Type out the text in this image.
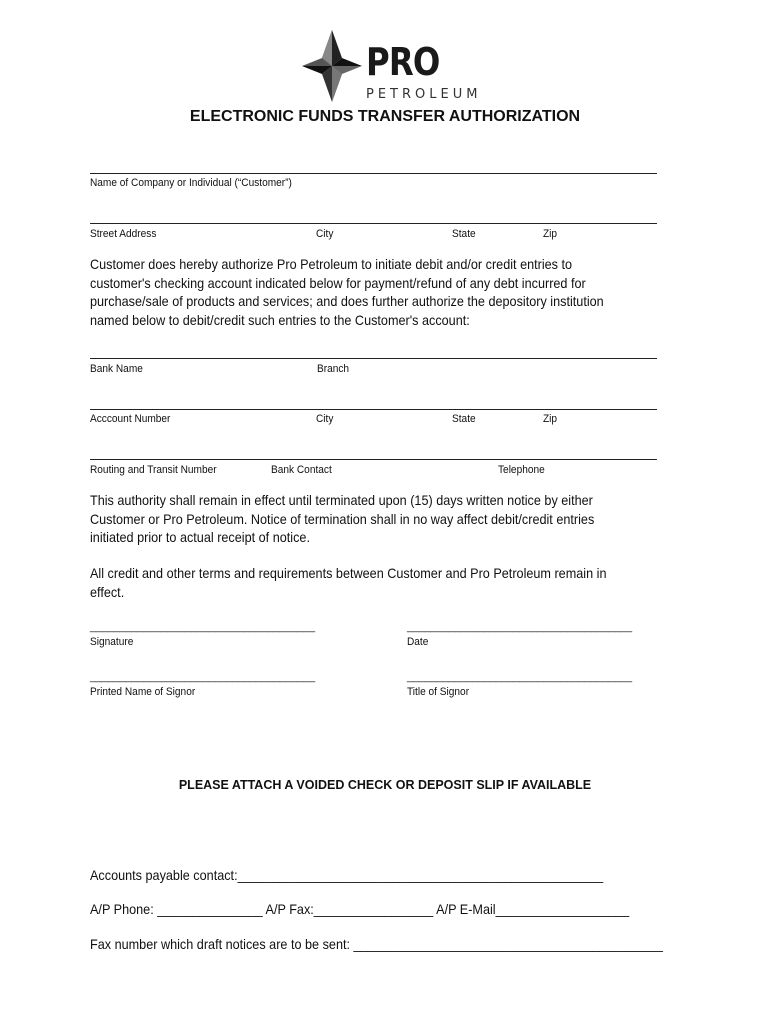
PRO
PETROLEUM
ELECTRONIC FUNDS TRANSFER AUTHORIZATION
Name of Company or Individual (“Customer”)
Street Address	City	State	Zip
Customer does hereby authorize Pro Petroleum to initiate debit and/or credit entries to customer's checking account indicated below for payment/refund of any debt incurred for purchase/sale of products and services; and does further authorize the depository institution named below to debit/credit such entries to the Customer's account:
Bank Name	Branch
Acccount Number	City	State	Zip
Routing and Transit Number	Bank Contact	Telephone
This authority shall remain in effect until terminated upon (15) days written notice by either Customer or Pro Petroleum. Notice of termination shall in no way affect debit/credit entries initiated prior to actual receipt of notice.
All credit and other terms and requirements between Customer and Pro Petroleum remain in effect.
______________________________________	______________________________________
Signature	Date
______________________________________	______________________________________
Printed Name of Signor	Title of Signor
PLEASE ATTACH A VOIDED CHECK OR DEPOSIT SLIP IF AVAILABLE
Accounts payable contact:____________________________________________________
A/P Phone: _______________ A/P Fax:_________________ A/P E-Mail___________________
Fax number which draft notices are to be sent: ____________________________________________
